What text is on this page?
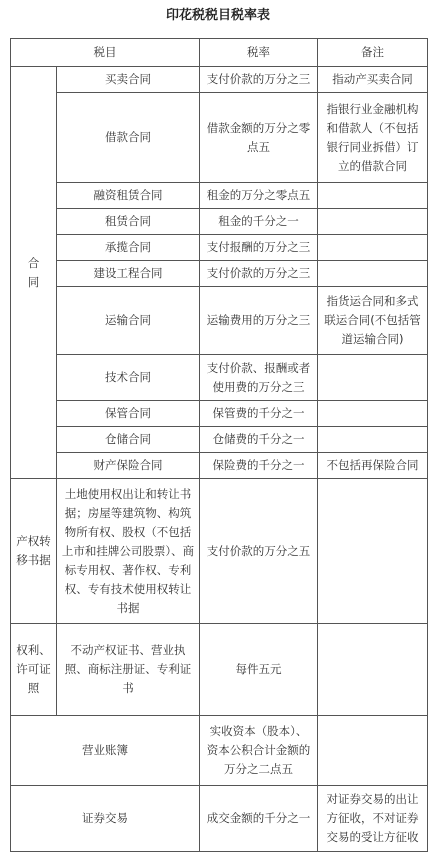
印花税税目税率表
税目		税率	备注
合同	买卖合同	支付价款的万分之三	指动产买卖合同
	借款合同	借款金额的万分之零点五	指银行业金融机构和借款人（不包括银行同业拆借）订立的借款合同
	融资租赁合同	租金的万分之零点五	
	租赁合同	租金的千分之一	
	承揽合同	支付报酬的万分之三	
	建设工程合同	支付价款的万分之三	
	运输合同	运输费用的万分之三	指货运合同和多式联运合同(不包括管道运输合同)
	技术合同	支付价款、报酬或者使用费的万分之三	
	保管合同	保管费的千分之一	
	仓储合同	仓储费的千分之一	
	财产保险合同	保险费的千分之一	不包括再保险合同
产权转移书据	土地使用权出让和转让书据；房屋等建筑物、构筑物所有权、股权（不包括上市和挂牌公司股票）、商标专用权、著作权、专利权、专有技术使用权转让书据	支付价款的万分之五	
权利、许可证照	不动产权证书、营业执照、商标注册证、专利证书	每件五元	
营业账簿		实收资本（股本）、资本公积合计金额的万分之二点五	
证券交易		成交金额的千分之一	对证券交易的出让方征收，不对证券交易的受让方征收
